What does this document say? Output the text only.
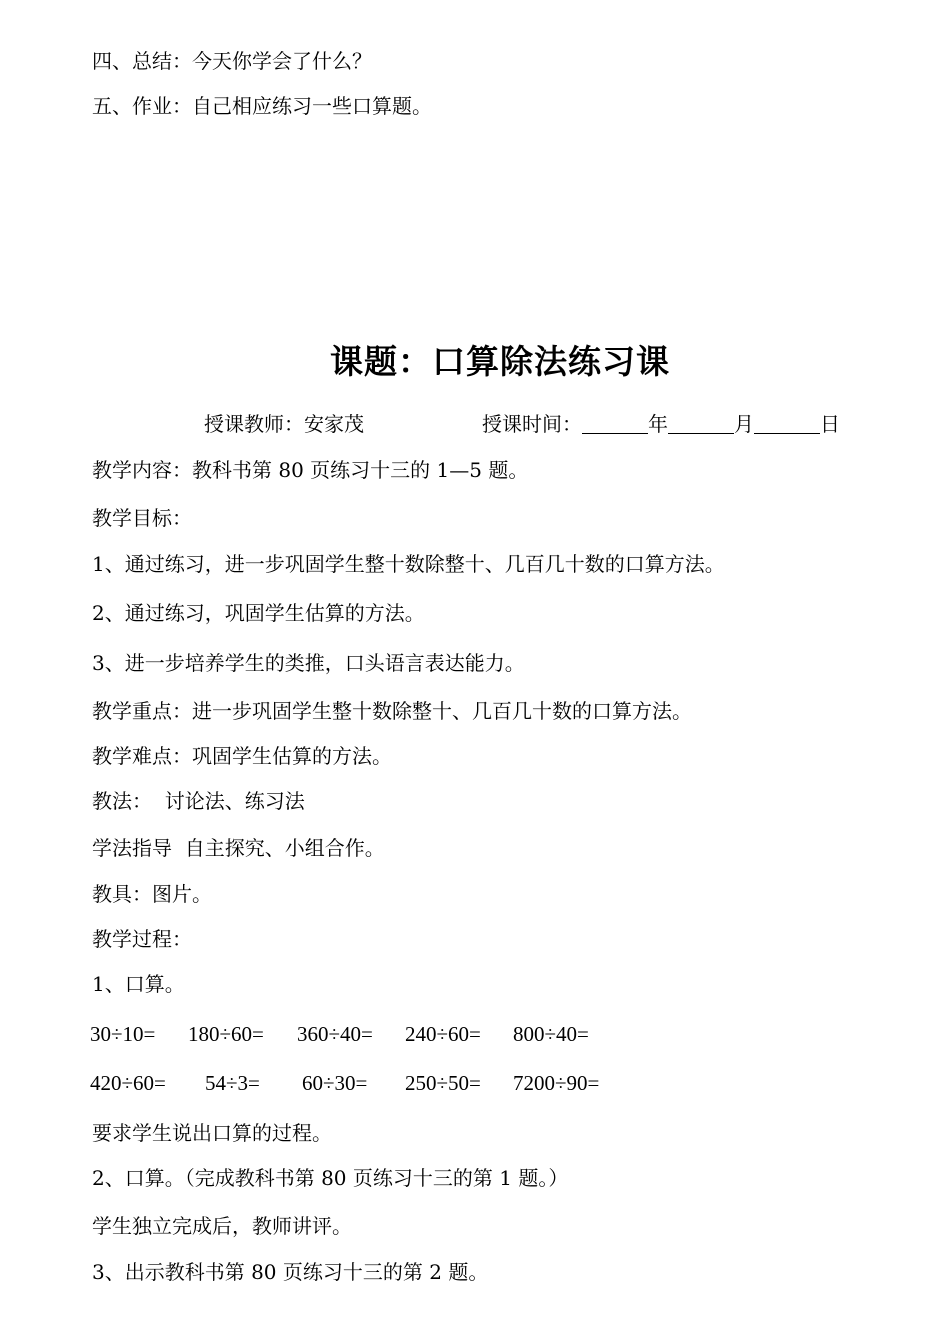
四、总结：今天你学会了什么？
五、作业：自己相应练习一些口算题。
课题：口算除法练习课
授课教师：安家茂	授课时间：	年	月	日
教学内容：教科书第 80 页练习十三的 1—5 题。
教学目标：
1、通过练习，进一步巩固学生整十数除整十、几百几十数的口算方法。
2、通过练习，巩固学生估算的方法。
3、进一步培养学生的类推，口头语言表达能力。
教学重点：进一步巩固学生整十数除整十、几百几十数的口算方法。
教学难点：巩固学生估算的方法。
教法：  讨论法、练习法
学法指导  自主探究、小组合作。
教具：图片。
教学过程：
1、口算。
30÷10= 180÷60= 360÷40= 240÷60= 800÷40=
420÷60= 54÷3= 60÷30= 250÷50= 7200÷90=
要求学生说出口算的过程。
2、口算。（完成教科书第 80 页练习十三的第 1 题。）
学生独立完成后，教师讲评。
3、出示教科书第 80 页练习十三的第 2 题。
